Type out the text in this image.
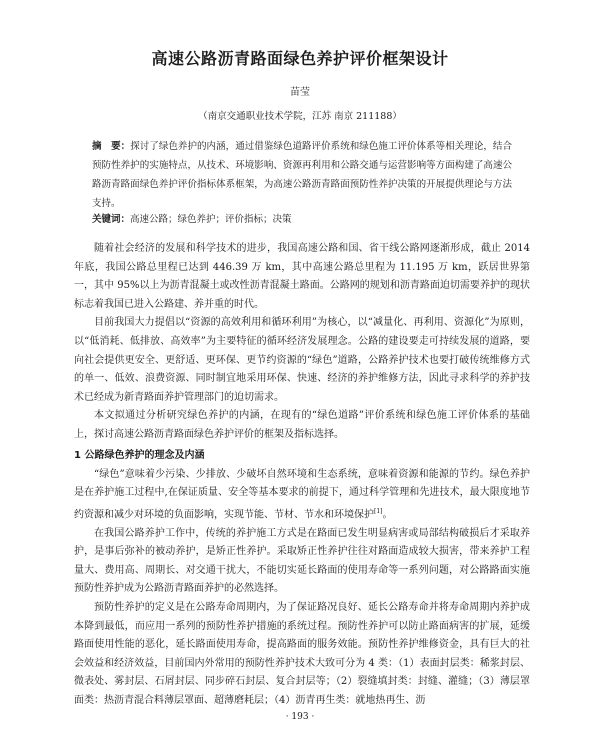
高速公路沥青路面绿色养护评价框架设计
苗莹
（南京交通职业技术学院，江苏 南京 211188）

摘　要：探讨了绿色养护的内涵，通过借鉴绿色道路评价系统和绿色施工评价体系等相关理论，结合预防性养护的实施特点，从技术、环境影响、资源再利用和公路交通与运营影响等方面构建了高速公路沥青路面绿色养护评价指标体系框架，为高速公路沥青路面预防性养护决策的开展提供理论与方法支持。

关键词：高速公路；绿色养护；评价指标；决策

随着社会经济的发展和科学技术的进步，我国高速公路和国、省干线公路网逐渐形成，截止 2014 年底，我国公路总里程已达到 446.39 万 km，其中高速公路总里程为 11.195 万 km，跃居世界第一，其中 95%以上为沥青混凝土或改性沥青混凝土路面。公路网的规划和沥青路面迫切需要养护的现状标志着我国已进入公路建、养并重的时代。

目前我国大力提倡以“资源的高效利用和循环利用”为核心，以“减量化、再利用、资源化”为原则，以“低消耗、低排放、高效率”为主要特征的循环经济发展理念。公路的建设要走可持续发展的道路，要向社会提供更安全、更舒适、更环保、更节约资源的“绿色”道路，公路养护技术也要打破传统维修方式的单一、低效、浪费资源、同时制宜地采用环保、快速、经济的养护维修方法，因此寻求科学的养护技术已经成为新青路面养护管理部门的迫切需求。

本文拟通过分析研究绿色养护的内涵，在现有的“绿色道路”评价系统和绿色施工评价体系的基础上，探讨高速公路沥青路面绿色养护评价的框架及指标选择。

1 公路绿色养护的理念及内涵

“绿色”意味着少污染、少排放、少破坏自然环境和生态系统，意味着资源和能源的节约。绿色养护是在养护施工过程中,在保证质量、安全等基本要求的前提下，通过科学管理和先进技术，最大限度地节约资源和减少对环境的负面影响，实现节能、节材、节水和环境保护[1]。

在我国公路养护工作中，传统的养护施工方式是在路面已发生明显病害或局部结构破损后才采取养护，是事后弥补的被动养护，是矫正性养护。采取矫正性养护往往对路面造成较大损害，带来养护工程量大、费用高、周期长、对交通干扰大，不能切实延长路面的使用寿命等一系列问题，对公路路面实施预防性养护成为公路沥青路面养护的必然选择。

预防性养护的定义是在公路寿命周期内，为了保证路况良好、延长公路寿命并将寿命周期内养护成本降到最低，而应用一系列的预防性养护措施的系统过程。预防性养护可以防止路面病害的扩展，延缓路面使用性能的恶化，延长路面使用寿命，提高路面的服务效能。预防性养护维修资金，具有巨大的社会效益和经济效益，目前国内外常用的预防性养护技术大致可分为 4 类：（1）表面封层类：稀浆封层、微表处、雾封层、石屑封层、同步碎石封层、复合封层等；（2）裂缝填封类：封缝、灌缝；（3）薄层罩面类：热沥青混合料薄层罩面、超薄磨耗层；（4）沥青再生类：就地热再生、沥

· 193 ·
